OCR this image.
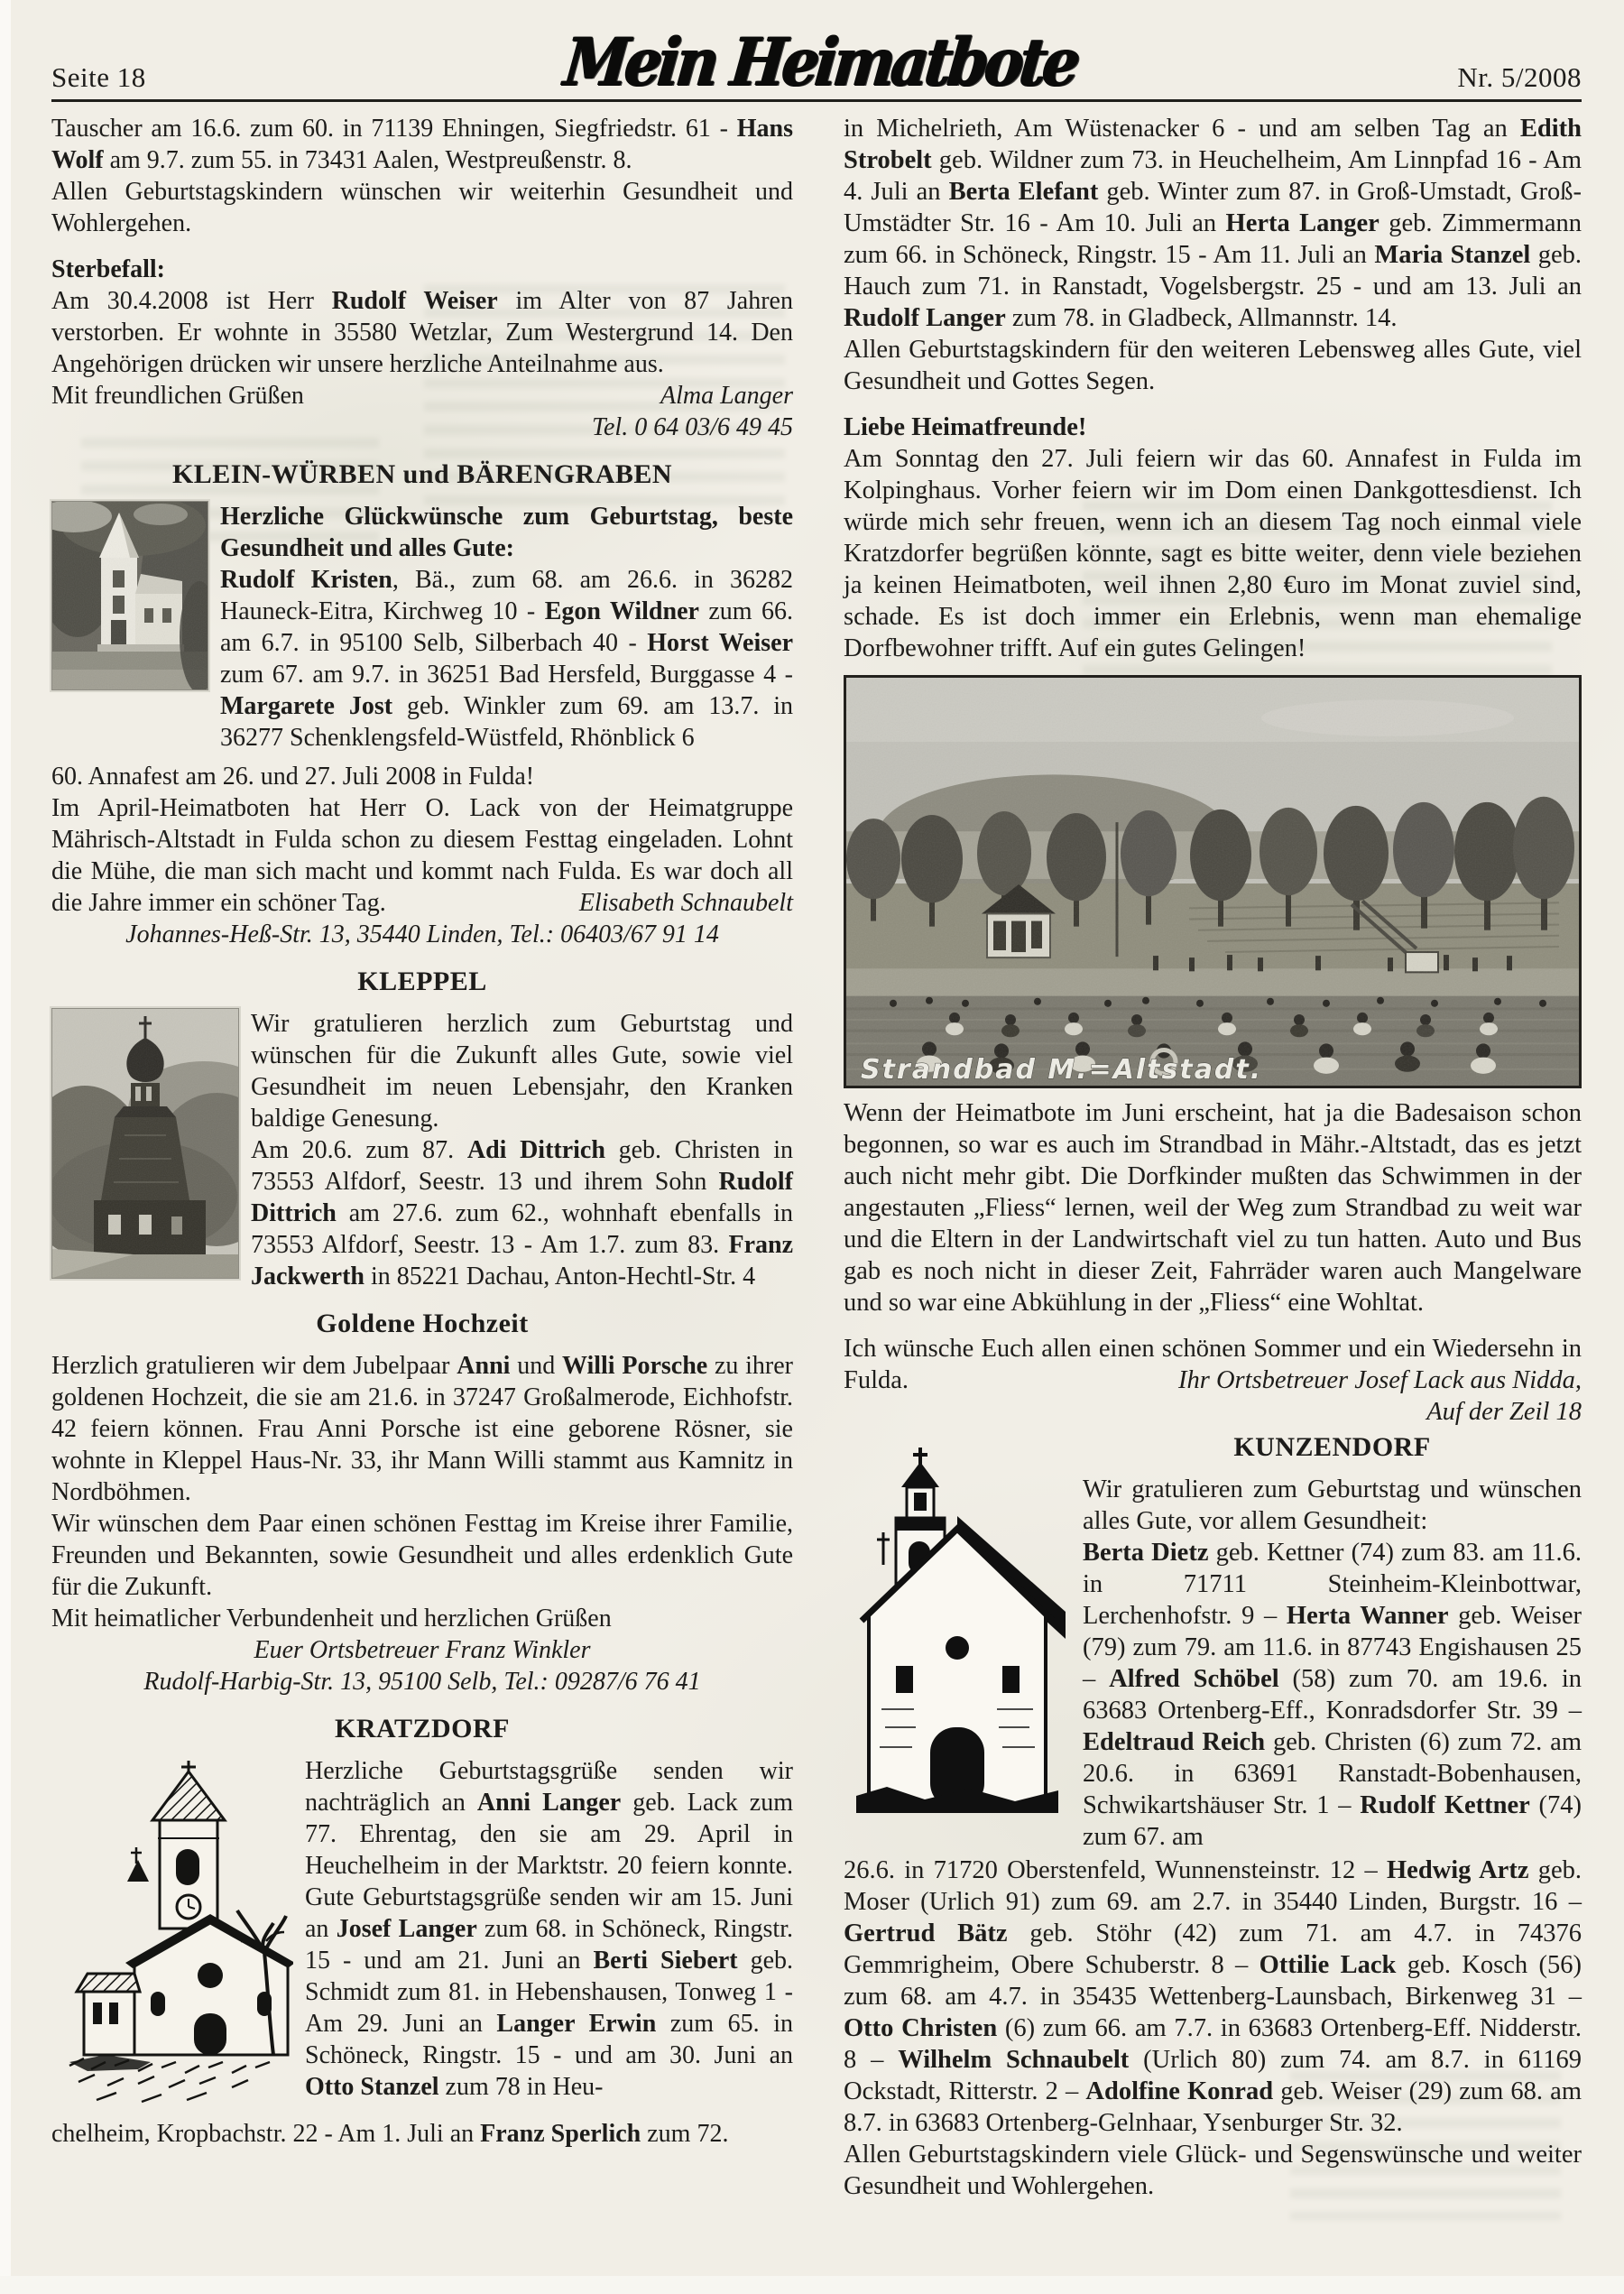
Seite 18	Mein Heimatbote	Nr. 5/2008

Tauscher am 16.6. zum 60. in 71139 Ehningen, Siegfriedstr. 61 - Hans Wolf am 9.7. zum 55. in 73431 Aalen, Westpreußenstr. 8.
Allen Geburtstagskindern wünschen wir weiterhin Gesundheit und Wohlergehen.

Sterbefall:

Am 30.4.2008 ist Herr Rudolf Weiser im Alter von 87 Jahren verstorben. Er wohnte in 35580 Wetzlar, Zum Westergrund 14. Den Angehörigen drücken wir unsere herzliche Anteilnahme aus.

Mit freundlichen Grüßen	Alma Langer
Tel. 0 64 03/6 49 45
KLEIN-WÜRBEN und BÄRENGRABEN
Herzliche Glückwünsche zum Geburtstag, beste Gesundheit und alles Gute:
Rudolf Kristen, Bä., zum 68. am 26.6. in 36282 Hauneck-Eitra, Kirchweg 10 - Egon Wildner zum 66. am 6.7. in 95100 Selb, Silberbach 40 - Horst Weiser zum 67. am 9.7. in 36251 Bad Hersfeld, Burggasse 4 - Margarete Jost geb. Winkler zum 69. am 13.7. in 36277 Schenklengsfeld-Wüstfeld, Rhönblick 6

60. Annafest am 26. und 27. Juli 2008 in Fulda!
Im April-Heimatboten hat Herr O. Lack von der Heimatgruppe Mährisch-Altstadt in Fulda schon zu diesem Festtag eingeladen. Lohnt die Mühe, die man sich macht und kommt nach Fulda. Es war doch all die Jahre immer ein schöner Tag.	Elisabeth Schnaubelt

Johannes-Heß-Str. 13, 35440 Linden, Tel.: 06403/67 91 14
KLEPPEL
Wir gratulieren herzlich zum Geburtstag und wünschen für die Zukunft alles Gute, sowie viel Gesundheit im neuen Lebensjahr, den Kranken baldige Genesung.
Am 20.6. zum 87. Adi Dittrich geb. Christen in 73553 Alfdorf, Seestr. 13 und ihrem Sohn Rudolf Dittrich am 27.6. zum 62., wohnhaft ebenfalls in 73553 Alfdorf, Seestr. 13 - Am 1.7. zum 83. Franz Jackwerth in 85221 Dachau, Anton-Hechtl-Str. 4
Goldene Hochzeit

Herzlich gratulieren wir dem Jubelpaar Anni und Willi Porsche zu ihrer goldenen Hochzeit, die sie am 21.6. in 37247 Großalmerode, Eichhofstr. 42 feiern können. Frau Anni Porsche ist eine geborene Rösner, sie wohnte in Kleppel Haus-Nr. 33, ihr Mann Willi stammt aus Kamnitz in Nordböhmen.
Wir wünschen dem Paar einen schönen Festtag im Kreise ihrer Familie, Freunden und Bekannten, sowie Gesundheit und alles erdenklich Gute für die Zukunft.
Mit heimatlicher Verbundenheit und herzlichen Grüßen

Euer Ortsbetreuer Franz Winkler
Rudolf-Harbig-Str. 13, 95100 Selb, Tel.: 09287/6 76 41
KRATZDORF
Herzliche Geburtstagsgrüße senden wir nachträglich an Anni Langer geb. Lack zum 77. Ehrentag, den sie am 29. April in Heuchelheim in der Marktstr. 20 feiern konnte. Gute Geburtstagsgrüße senden wir am 15. Juni an Josef Langer zum 68. in Schöneck, Ringstr. 15 - und am 21. Juni an Berti Siebert geb. Schmidt zum 81. in Hebenshausen, Tonweg 1 - Am 29. Juni an Langer Erwin zum 65. in Schöneck, Ringstr. 15 - und am 30. Juni an Otto Stanzel zum 78 in Heu-

chelheim, Kropbachstr. 22 - Am 1. Juli an Franz Sperlich zum 72.

in Michelrieth, Am Wüstenacker 6 - und am selben Tag an Edith Strobelt geb. Wildner zum 73. in Heuchelheim, Am Linnpfad 16 - Am 4. Juli an Berta Elefant geb. Winter zum 87. in Groß-Umstadt, Groß-Umstädter Str. 16 - Am 10. Juli an Herta Langer geb. Zimmermann zum 66. in Schöneck, Ringstr. 15 - Am 11. Juli an Maria Stanzel geb. Hauch zum 71. in Ranstadt, Vogelsbergstr. 25 - und am 13. Juli an Rudolf Langer zum 78. in Gladbeck, Allmannstr. 14.
Allen Geburtstagskindern für den weiteren Lebensweg alles Gute, viel Gesundheit und Gottes Segen.

Liebe Heimatfreunde!

Am Sonntag den 27. Juli feiern wir das 60. Annafest in Fulda im Kolpinghaus. Vorher feiern wir im Dom einen Dankgottesdienst. Ich würde mich sehr freuen, wenn ich an diesem Tag noch einmal viele Kratzdorfer begrüßen könnte, sagt es bitte weiter, denn viele beziehen ja keinen Heimatboten, weil ihnen 2,80 €uro im Monat zuviel sind, schade. Es ist doch immer ein Erlebnis, wenn man ehemalige Dorfbewohner trifft. Auf ein gutes Gelingen!

Strandbad M.=Altstadt.

Wenn der Heimatbote im Juni erscheint, hat ja die Badesaison schon begonnen, so war es auch im Strandbad in Mähr.-Altstadt, das es jetzt auch nicht mehr gibt. Die Dorfkinder mußten das Schwimmen in der angestauten „Fliess“ lernen, weil der Weg zum Strandbad zu weit war und die Eltern in der Landwirtschaft viel zu tun hatten. Auto und Bus gab es noch nicht in dieser Zeit, Fahrräder waren auch Mangelware und so war eine Abkühlung in der „Fliess“ eine Wohltat.

Ich wünsche Euch allen einen schönen Sommer und ein Wiedersehn in Fulda.	Ihr Ortsbetreuer Josef Lack aus Nidda,

Auf der Zeil 18
KUNZENDORF
Wir gratulieren zum Geburtstag und wünschen alles Gute, vor allem Gesundheit:
Berta Dietz geb. Kettner (74) zum 83. am 11.6. in 71711 Steinheim-Kleinbottwar, Lerchenhofstr. 9 – Herta Wanner geb. Weiser (79) zum 79. am 11.6. in 87743 Engishausen 25 – Alfred Schöbel (58) zum 70. am 19.6. in 63683 Ortenberg-Eff., Konradsdorfer Str. 39 – Edeltraud Reich geb. Christen (6) zum 72. am 20.6. in 63691 Ranstadt-Bobenhausen, Schwikartshäuser Str. 1 – Rudolf Kettner (74) zum 67. am

26.6. in 71720 Oberstenfeld, Wunnensteinstr. 12 – Hedwig Artz geb. Moser (Urlich 91) zum 69. am 2.7. in 35440 Linden, Burgstr. 16 – Gertrud Bätz geb. Stöhr (42) zum 71. am 4.7. in 74376 Gemmrigheim, Obere Schuberstr. 8 – Ottilie Lack geb. Kosch (56) zum 68. am 4.7. in 35435 Wettenberg-Launsbach, Birkenweg 31 – Otto Christen (6) zum 66. am 7.7. in 63683 Ortenberg-Eff. Nidderstr. 8 – Wilhelm Schnaubelt (Urlich 80) zum 74. am 8.7. in 61169 Ockstadt, Ritterstr. 2 – Adolfine Konrad geb. Weiser (29) zum 68. am 8.7. in 63683 Ortenberg-Gelnhaar, Ysenburger Str. 32.
Allen Geburtstagskindern viele Glück- und Segenswünsche und weiter Gesundheit und Wohlergehen.
